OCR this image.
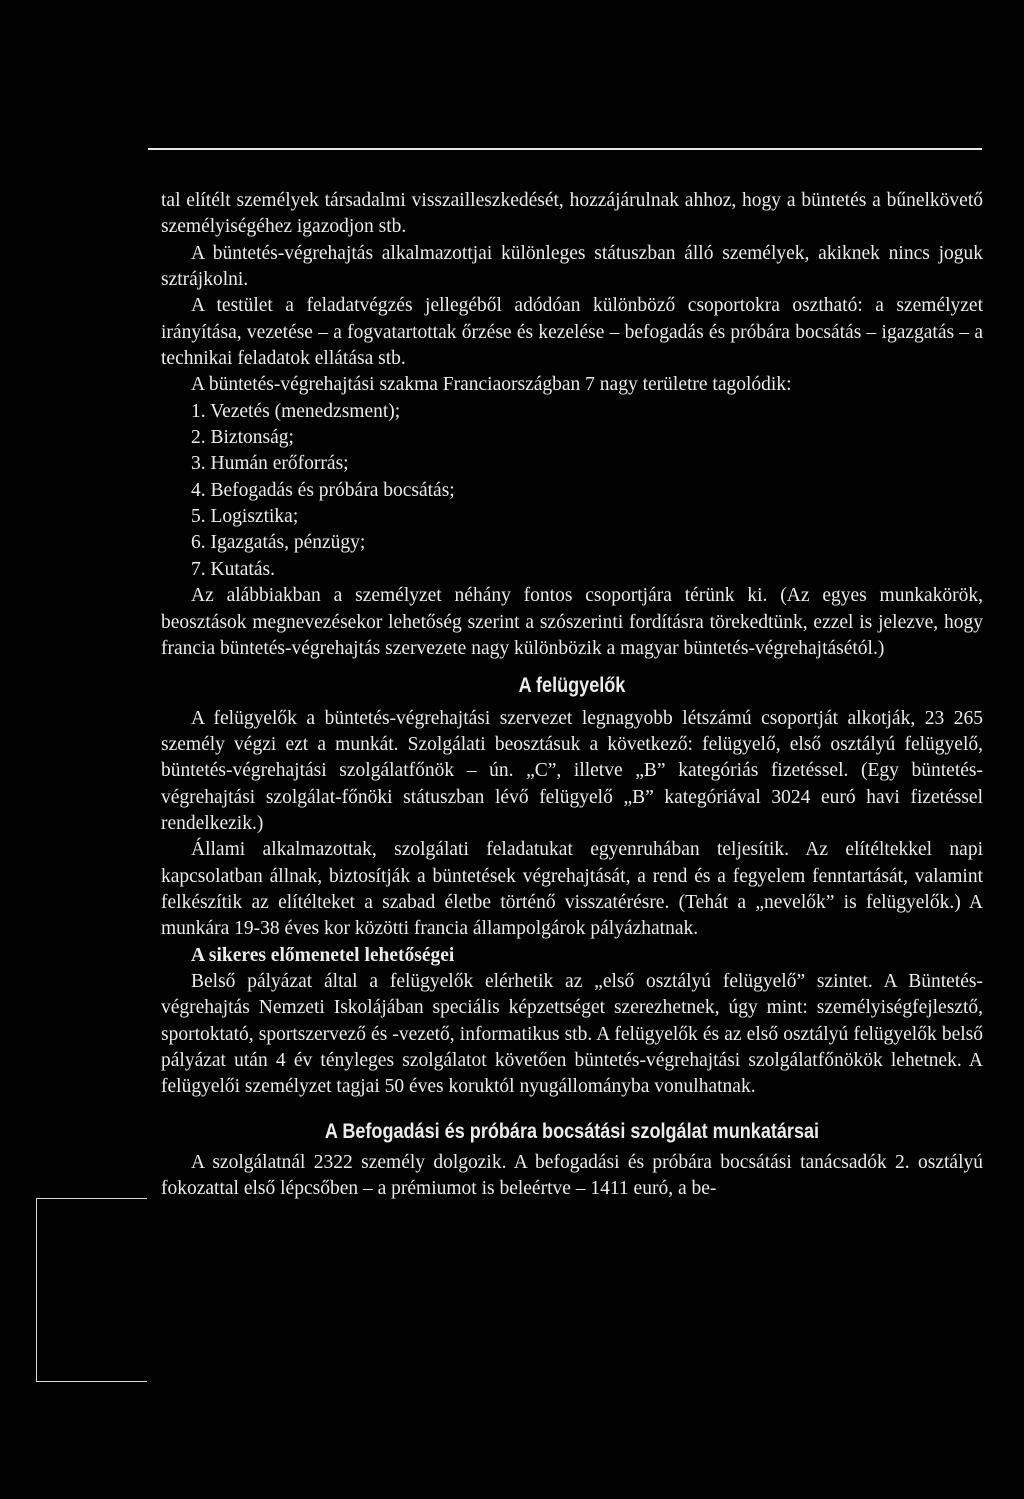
tal elítélt személyek társadalmi visszailleszkedését, hozzájárulnak ahhoz, hogy a büntetés a bűnelkövető személyiségéhez igazodjon stb.

A büntetés-végrehajtás alkalmazottjai különleges státuszban álló személyek, akiknek nincs joguk sztrájkolni.

A testület a feladatvégzés jellegéből adódóan különböző csoportokra osztható: a személyzet irányítása, vezetése – a fogvatartottak őrzése és kezelése – befogadás és próbára bocsátás – igazgatás – a technikai feladatok ellátása stb.

A büntetés-végrehajtási szakma Franciaországban 7 nagy területre tagolódik:

1. Vezetés (menedzsment);

2. Biztonság;

3. Humán erőforrás;

4. Befogadás és próbára bocsátás;

5. Logisztika;

6. Igazgatás, pénzügy;

7. Kutatás.

Az alábbiakban a személyzet néhány fontos csoportjára térünk ki. (Az egyes munkakörök, beosztások megnevezésekor lehetőség szerint a szószerinti fordításra törekedtünk, ezzel is jelezve, hogy francia büntetés-végrehajtás szervezete nagy különbözik a magyar büntetés-végrehajtásétól.)

A felügyelők

A felügyelők a büntetés-végrehajtási szervezet legnagyobb létszámú csoportját alkotják, 23 265 személy végzi ezt a munkát. Szolgálati beosztásuk a következő: felügyelő, első osztályú felügyelő, büntetés-végrehajtási szolgálatfőnök – ún. „C”, illetve „B” kategóriás fizetéssel. (Egy büntetés-végrehajtási szolgálat-főnöki státuszban lévő felügyelő „B” kategóriával 3024 euró havi fizetéssel rendelkezik.)

Állami alkalmazottak, szolgálati feladatukat egyenruhában teljesítik. Az elítéltekkel napi kapcsolatban állnak, biztosítják a büntetések végrehajtását, a rend és a fegyelem fenntartását, valamint felkészítik az elítélteket a szabad életbe történő visszatérésre. (Tehát a „nevelők” is felügyelők.) A munkára 19-38 éves kor közötti francia állampolgárok pályázhatnak.

A sikeres előmenetel lehetőségei

Belső pályázat által a felügyelők elérhetik az „első osztályú felügyelő” szintet. A Büntetés-végrehajtás Nemzeti Iskolájában speciális képzettséget szerezhetnek, úgy mint: személyiségfejlesztő, sportoktató, sportszervező és -vezető, informatikus stb. A felügyelők és az első osztályú felügyelők belső pályázat után 4 év tényleges szolgálatot követően büntetés-végrehajtási szolgálatfőnökök lehetnek. A felügyelői személyzet tagjai 50 éves koruktól nyugállományba vonulhatnak.

A Befogadási és próbára bocsátási szolgálat munkatársai

A szolgálatnál 2322 személy dolgozik. A befogadási és próbára bocsátási tanácsadók 2. osztályú fokozattal első lépcsőben – a prémiumot is beleértve – 1411 euró, a be-
